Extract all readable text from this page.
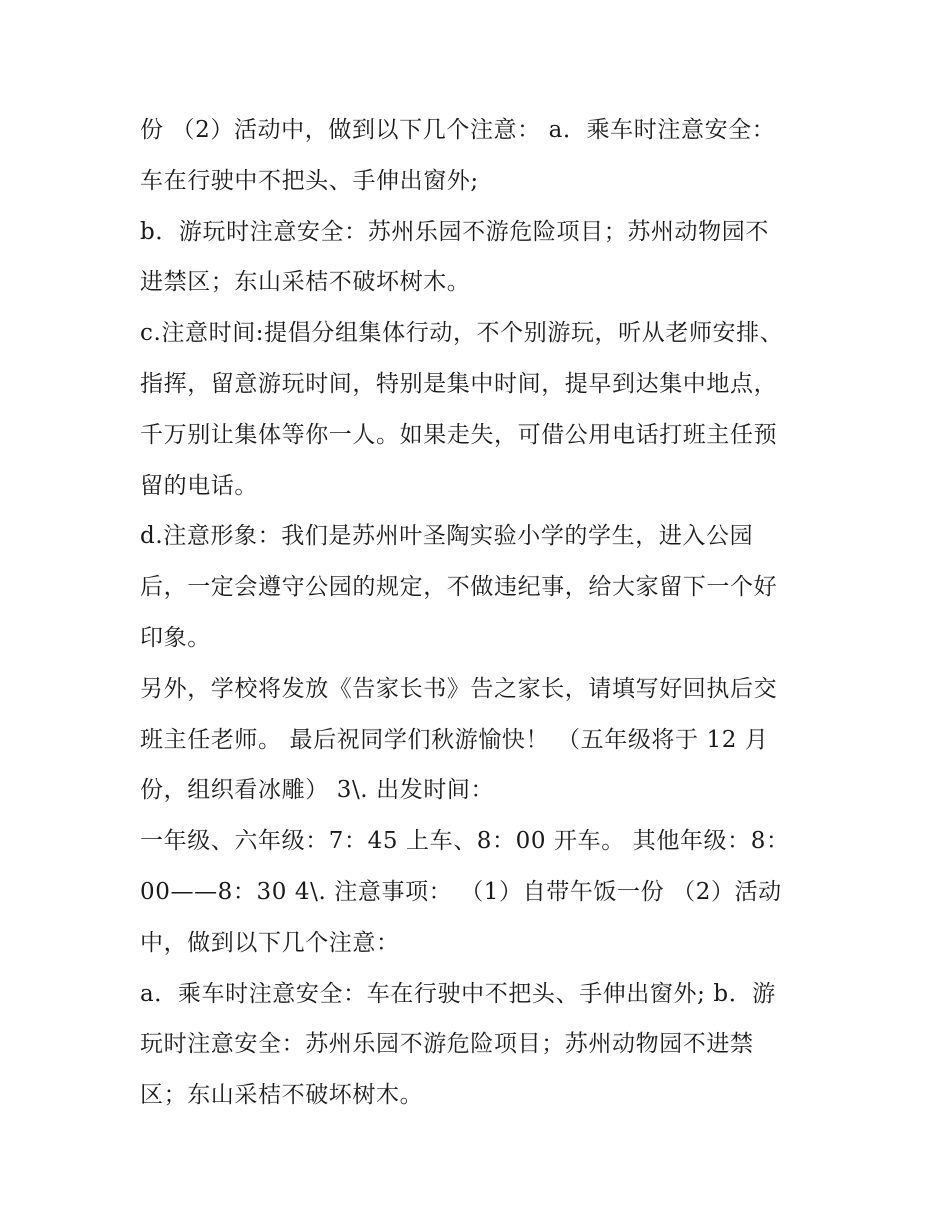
份 （2）活动中，做到以下几个注意： a．乘车时注意安全：
车在行驶中不把头、手伸出窗外;
b．游玩时注意安全：苏州乐园不游危险项目；苏州动物园不
进禁区；东山采桔不破坏树木。
c.注意时间:提倡分组集体行动，不个别游玩，听从老师安排、
指挥，留意游玩时间，特别是集中时间，提早到达集中地点，
千万别让集体等你一人。如果走失，可借公用电话打班主任预
留的电话。
d.注意形象：我们是苏州叶圣陶实验小学的学生，进入公园
后，一定会遵守公园的规定，不做违纪事，给大家留下一个好
印象。
另外，学校将发放《告家长书》告之家长，请填写好回执后交
班主任老师。 最后祝同学们秋游愉快！ （五年级将于 12 月
份，组织看冰雕） 3\. 出发时间：
一年级、六年级：7：45 上车、8：00 开车。 其他年级：8：
00——8：30 4\. 注意事项： （1）自带午饭一份 （2）活动
中，做到以下几个注意：
a．乘车时注意安全：车在行驶中不把头、手伸出窗外; b．游
玩时注意安全：苏州乐园不游危险项目；苏州动物园不进禁
区；东山采桔不破坏树木。
